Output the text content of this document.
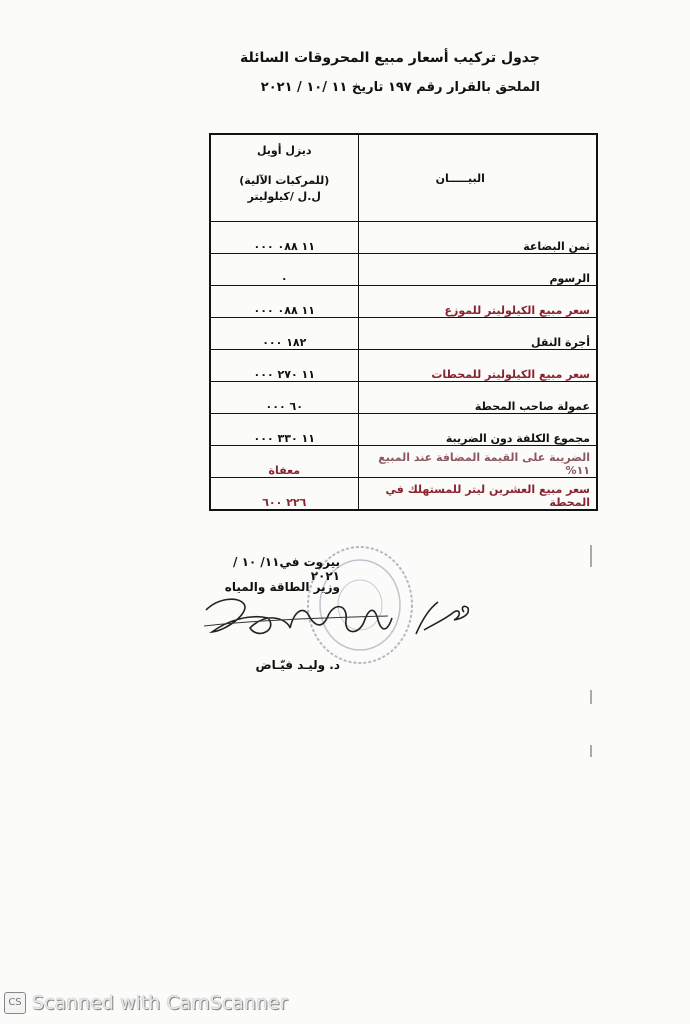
جدول تركيب أسعار مبيع المحروقات السائلة
الملحق بالقرار رقم ١٩٧ تاريخ ١١ /١٠ / ٢٠٢١
ديزل أويل
(للمركبات الآلية)
ل.ل /كيلوليتر	البيـــــان
١١ ٠٨٨ ٠٠٠	ثمن البضاعة
٠	الرسوم
١١ ٠٨٨ ٠٠٠	سعر مبيع الكيلوليتر للموزع
١٨٢ ٠٠٠	أجرة النقل
١١ ٢٧٠ ٠٠٠	سعر مبيع الكيلوليتر للمحطات
٦٠ ٠٠٠	عمولة صاحب المحطة
١١ ٣٣٠ ٠٠٠	مجموع الكلفة دون الضريبة
معفاة	الضريبة على القيمة المضافة عند المبيع ١١%
٢٢٦ ٦٠٠	سعر مبيع العشرين ليتر للمستهلك في المحطة
بيروت في١١/ ١٠ / ٢٠٢١
وزير الطاقة والمياه
د. وليـد فيّـاض
CS Scanned with CamScanner
